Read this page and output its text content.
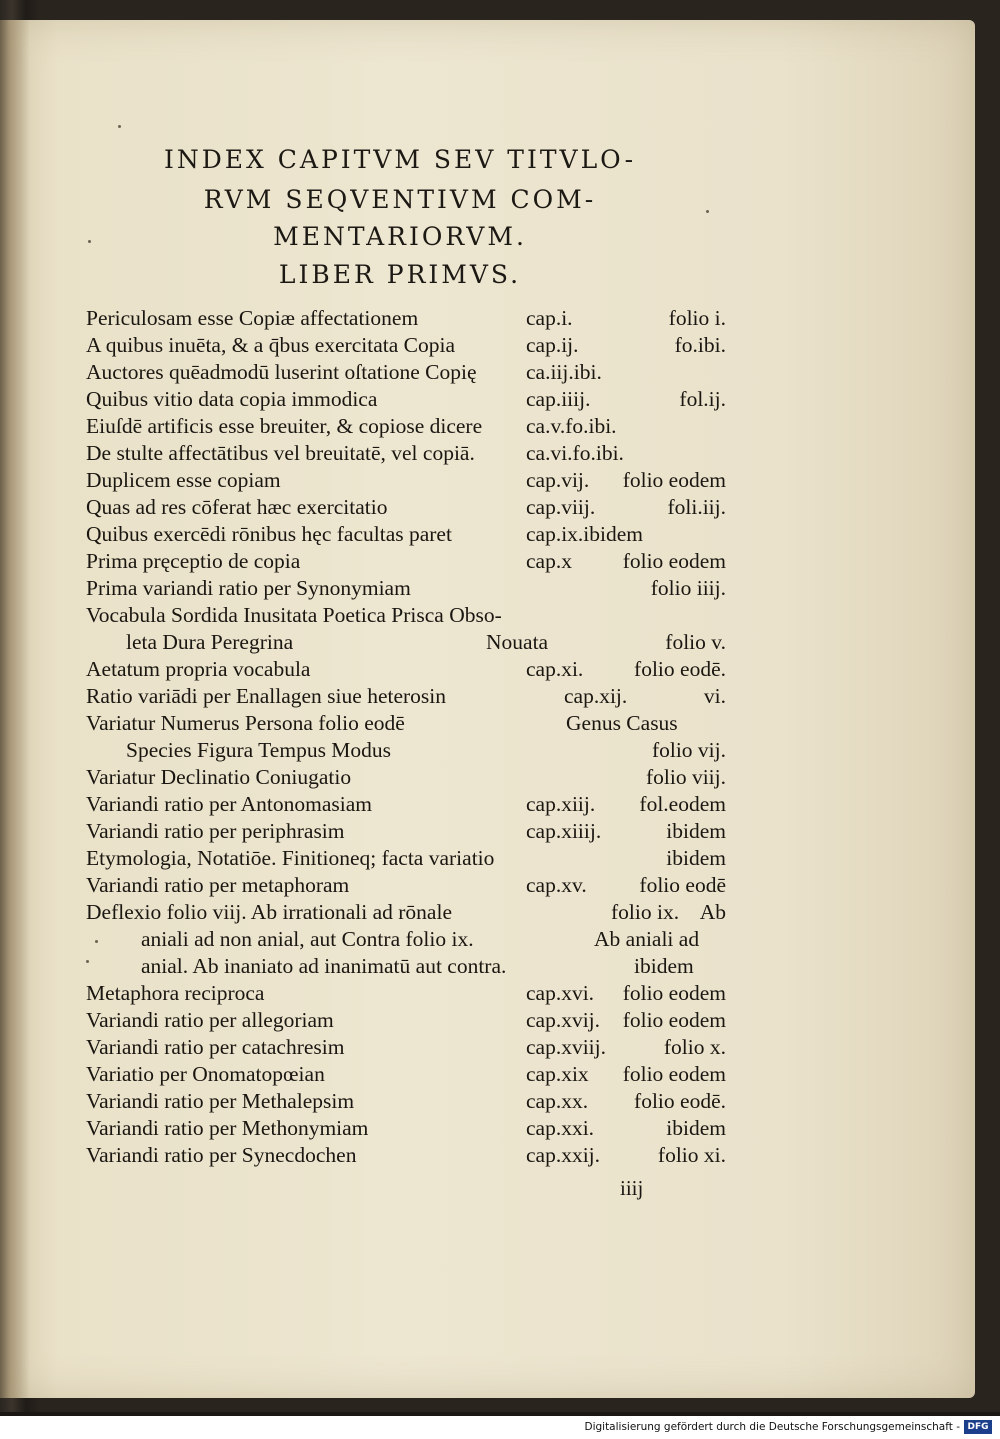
INDEX CAPITVM SEV TITVLO-
RVM SEQVENTIVM COM-
MENTARIORVM.
LIBER PRIMVS.
Periculosam esse Copiæ affectationem	cap.i.	folio i.
A quibus inuēta, & a q̄bus exercitata Copia	cap.ij.	fo.ibi.
Auctores quēadmodū luserint oſtatione Copię ca.iij.ibi.
Quibus vitio data copia immodica	cap.iiij.	fol.ij.
Eiuſdē artificis esse breuiter, & copiose dicere ca.v.fo.ibi.
De stulte affectātibus vel breuitatē, vel copiā. ca.vi.fo.ibi.
Duplicem esse copiam	cap.vij. folio eodem
Quas ad res cōferat hæc exercitatio	cap.viij.	foli.iij.
Quibus exercēdi rōnibus hęc facultas paret	cap.ix.ibidem
Prima pręceptio de copia	cap.x folio eodem
Prima variandi ratio per Synonymiam	folio iiij.
Vocabula Sordida Inusitata Poetica Prisca Obso-
leta Dura Peregrina	Nouata	folio v.
Aetatum propria vocabula	cap.xi. folio eodē.
Ratio variādi per Enallagen siue heterosin	cap.xij.	vi.
Variatur Numerus Persona folio eodē	Genus Casus
Species Figura Tempus Modus	folio vij.
Variatur Declinatio Coniugatio	folio viij.
Variandi ratio per Antonomasiam	cap.xiij. fol.eodem
Variandi ratio per periphrasim	cap.xiiij.	ibidem
Etymologia, Notatiōe. Finitioneq; facta variatio	ibidem
Variandi ratio per metaphoram	cap.xv. folio eodē
Deflexio folio viij. Ab irrationali ad rōnale	folio ix. Ab
aniali ad non anial, aut Contra folio ix.	Ab aniali ad
anial. Ab inaniato ad inanimatū aut contra.	ibidem
Metaphora reciproca	cap.xvi. folio eodem
Variandi ratio per allegoriam	cap.xvij. folio eodem
Variandi ratio per catachresim	cap.xviij.	folio x.
Variatio per Onomatopœian	cap.xix folio eodem
Variandi ratio per Methalepsim	cap.xx. folio eodē.
Variandi ratio per Methonymiam	cap.xxi.	ibidem
Variandi ratio per Synecdochen	cap.xxij.	folio xi.
iiij
Digitalisierung gefördert durch die Deutsche Forschungsgemeinschaft - DFG
